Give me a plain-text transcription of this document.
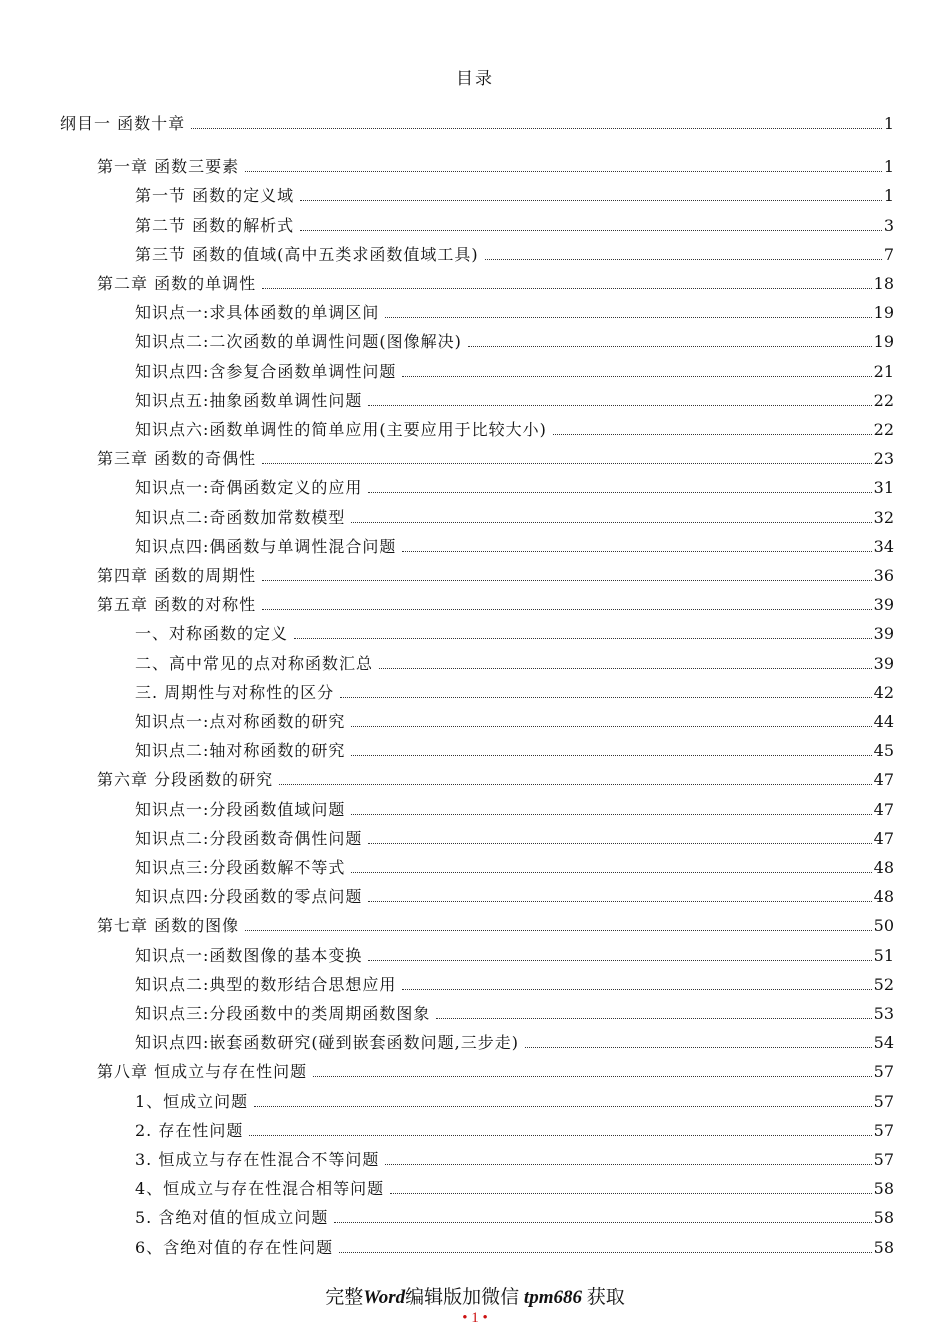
目录
纲目一 函数十章	1
第一章 函数三要素	1
第一节 函数的定义域	1
第二节 函数的解析式	3
第三节 函数的值域(高中五类求函数值域工具)	7
第二章 函数的单调性	18
知识点一:求具体函数的单调区间	19
知识点二:二次函数的单调性问题(图像解决)	19
知识点四:含参复合函数单调性问题	21
知识点五:抽象函数单调性问题	22
知识点六:函数单调性的简单应用(主要应用于比较大小)	22
第三章 函数的奇偶性	23
知识点一:奇偶函数定义的应用	31
知识点二:奇函数加常数模型	32
知识点四:偶函数与单调性混合问题	34
第四章 函数的周期性	36
第五章 函数的对称性	39
一、对称函数的定义	39
二、高中常见的点对称函数汇总	39
三. 周期性与对称性的区分	42
知识点一:点对称函数的研究	44
知识点二:轴对称函数的研究	45
第六章 分段函数的研究	47
知识点一:分段函数值域问题	47
知识点二:分段函数奇偶性问题	47
知识点三:分段函数解不等式	48
知识点四:分段函数的零点问题	48
第七章 函数的图像	50
知识点一:函数图像的基本变换	51
知识点二:典型的数形结合思想应用	52
知识点三:分段函数中的类周期函数图象	53
知识点四:嵌套函数研究(碰到嵌套函数问题,三步走)	54
第八章 恒成立与存在性问题	57
1、恒成立问题	57
2. 存在性问题	57
3. 恒成立与存在性混合不等问题	57
4、恒成立与存在性混合相等问题	58
5. 含绝对值的恒成立问题	58
6、含绝对值的存在性问题	58
完整Word编辑版加微信 tpm686 获取
• 1 •
